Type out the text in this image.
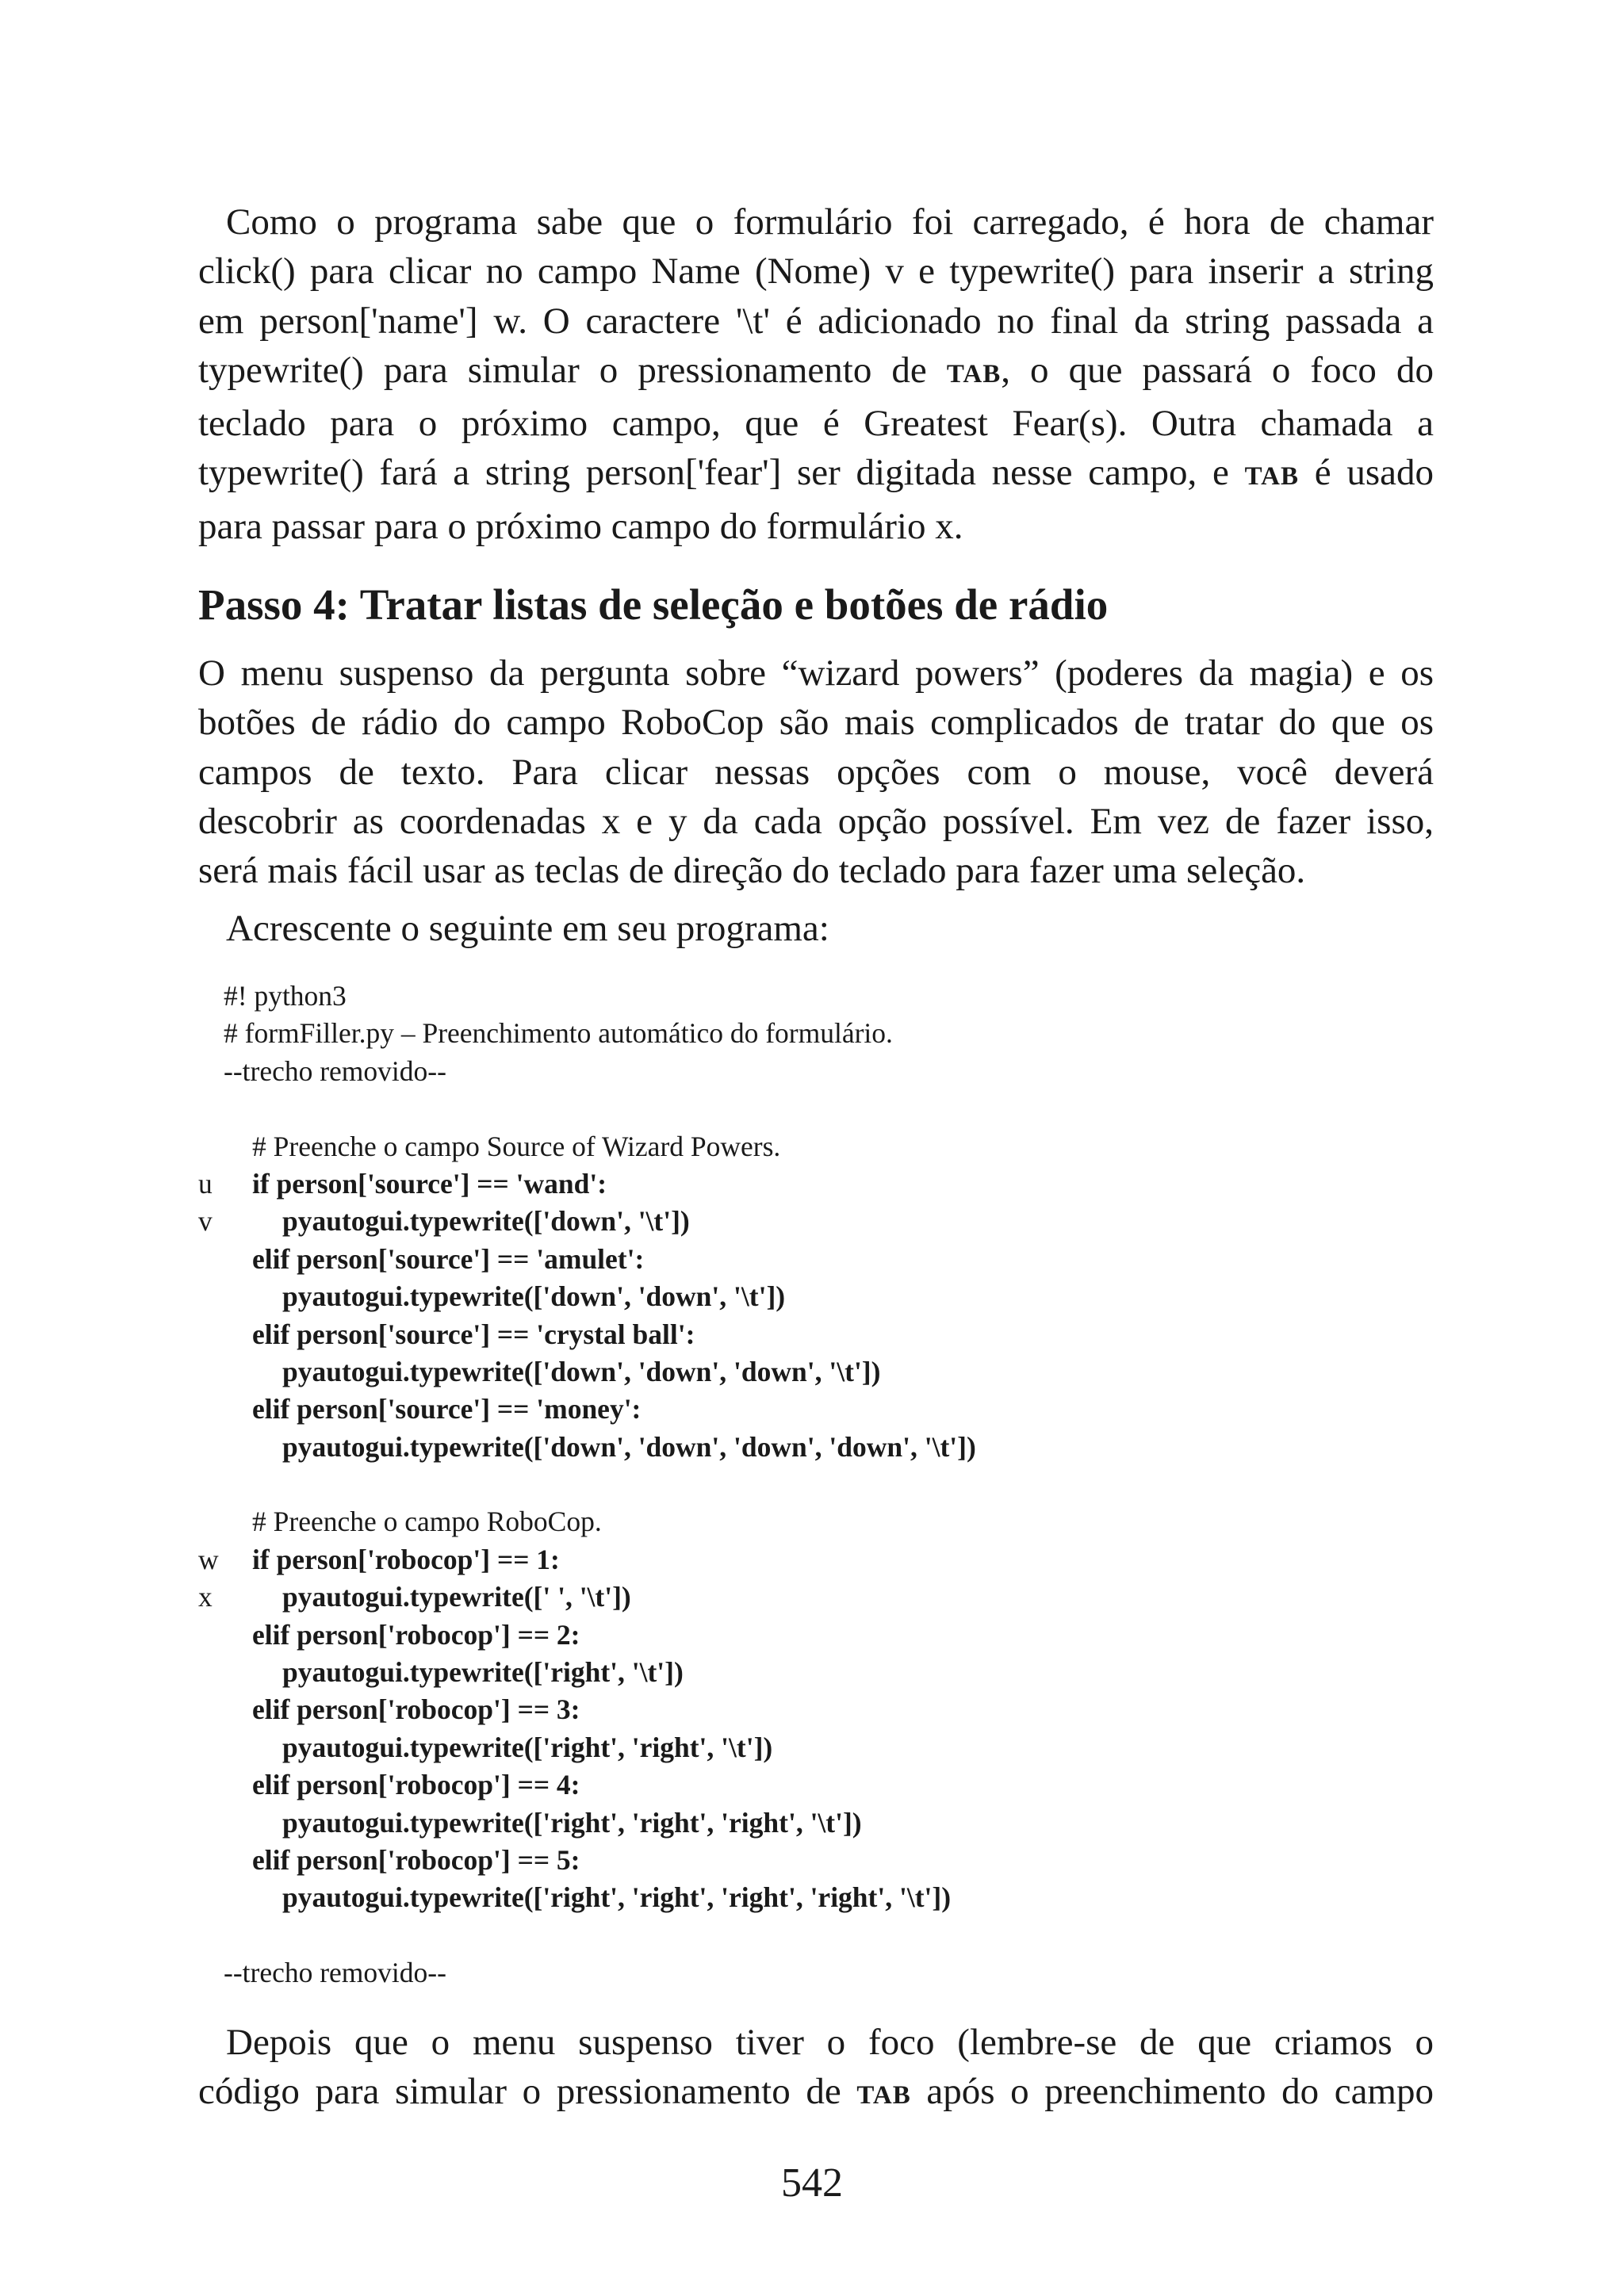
Como o programa sabe que o formulário foi carregado, é hora de chamar
click() para clicar no campo Name (Nome) v e typewrite() para inserir a string
em person['name'] w. O caractere '\t' é adicionado no final da string passada a
typewrite() para simular o pressionamento de TAB, o que passará o foco do
teclado para o próximo campo, que é Greatest Fear(s). Outra chamada a
typewrite() fará a string person['fear'] ser digitada nesse campo, e TAB é usado
para passar para o próximo campo do formulário x.

Passo 4: Tratar listas de seleção e botões de rádio

O menu suspenso da pergunta sobre “wizard powers” (poderes da magia) e os
botões de rádio do campo RoboCop são mais complicados de tratar do que os
campos de texto. Para clicar nessas opções com o mouse, você deverá
descobrir as coordenadas x e y da cada opção possível. Em vez de fazer isso,
será mais fácil usar as teclas de direção do teclado para fazer uma seleção.

Acrescente o seguinte em seu programa:

#! python3
# formFiller.py – Preenchimento automático do formulário.
--trecho removido--
# Preenche o campo Source of Wizard Powers.
u if person['source'] == 'wand':
v pyautogui.typewrite(['down', '\t'])
elif person['source'] == 'amulet':
pyautogui.typewrite(['down', 'down', '\t'])
elif person['source'] == 'crystal ball':
pyautogui.typewrite(['down', 'down', 'down', '\t'])
elif person['source'] == 'money':
pyautogui.typewrite(['down', 'down', 'down', 'down', '\t'])
# Preenche o campo RoboCop.
w if person['robocop'] == 1:
x pyautogui.typewrite([' ', '\t'])
elif person['robocop'] == 2:
pyautogui.typewrite(['right', '\t'])
elif person['robocop'] == 3:
pyautogui.typewrite(['right', 'right', '\t'])
elif person['robocop'] == 4:
pyautogui.typewrite(['right', 'right', 'right', '\t'])
elif person['robocop'] == 5:
pyautogui.typewrite(['right', 'right', 'right', 'right', '\t'])
--trecho removido--

Depois que o menu suspenso tiver o foco (lembre-se de que criamos o
código para simular o pressionamento de TAB após o preenchimento do campo

542
